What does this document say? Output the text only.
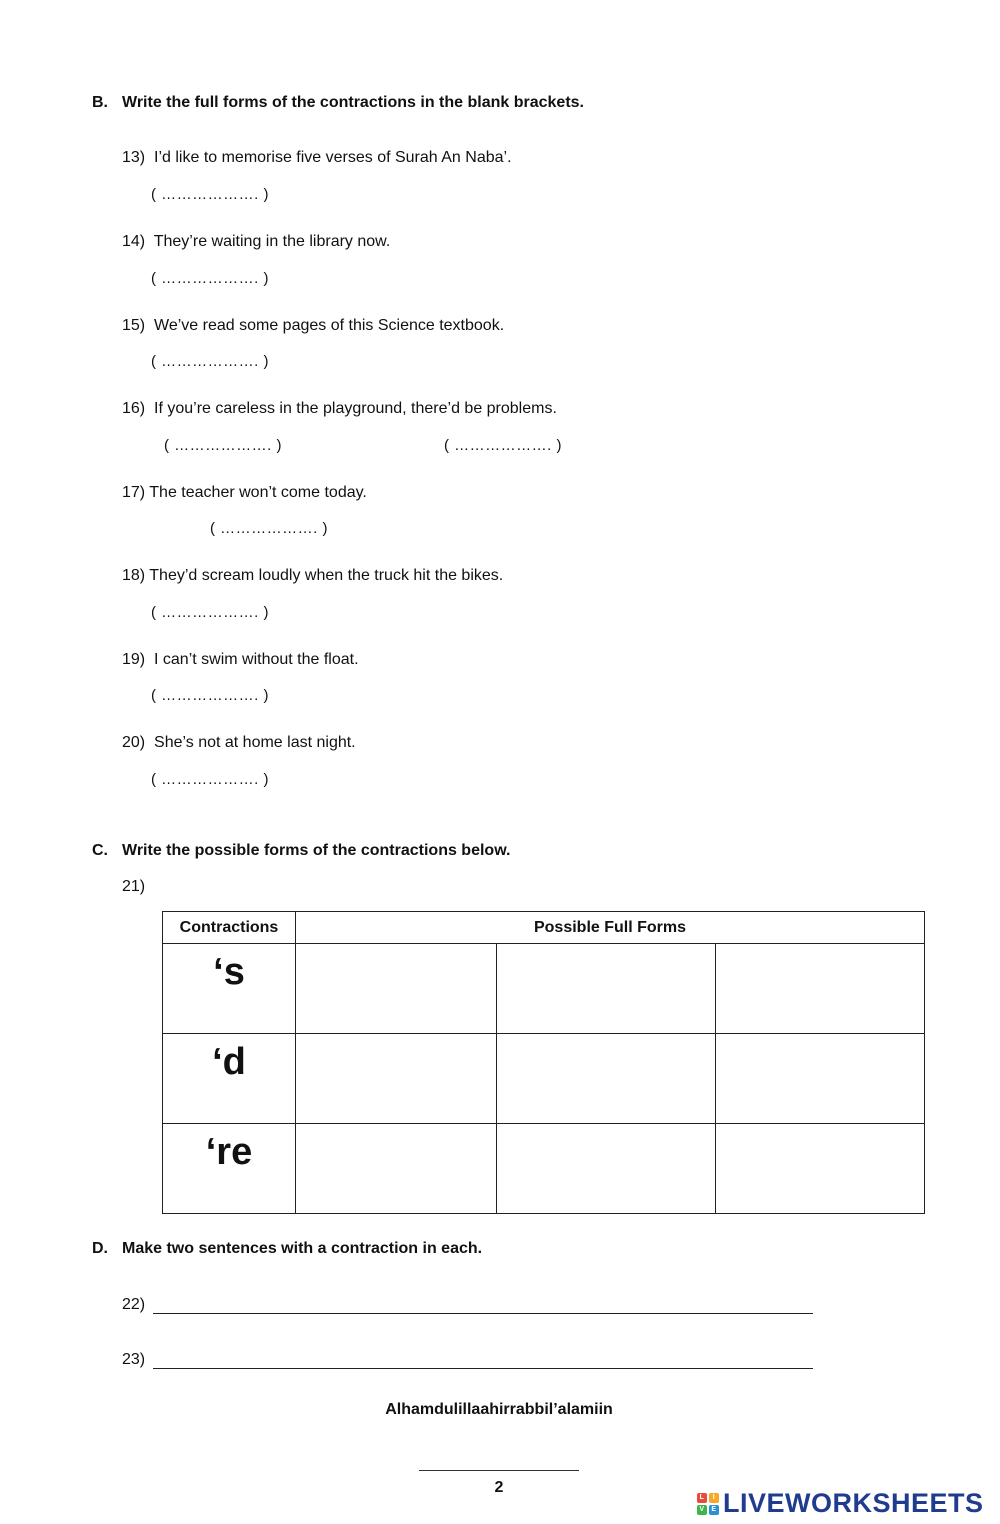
B. Write the full forms of the contractions in the blank brackets.
13) I’d like to memorise five verses of Surah An Naba’.
( ………………. )
14) They’re waiting in the library now.
( ………………. )
15) We’ve read some pages of this Science textbook.
( ………………. )
16) If you’re careless in the playground, there’d be problems.
( ………………. )	( ………………. )
17) The teacher won’t come today.
( ………………. )
18) They’d scream loudly when the truck hit the bikes.
( ………………. )
19) I can’t swim without the float.
( ………………. )
20) She’s not at home last night.
( ………………. )
C. Write the possible forms of the contractions below.
21)
Contractions	Possible Full Forms		
‘s			
‘d			
‘re			
D. Make two sentences with a contraction in each.
22)
23)
Alhamdulillaahirrabbil’alamiin
2
L	I
V E LIVEWORKSHEETS
